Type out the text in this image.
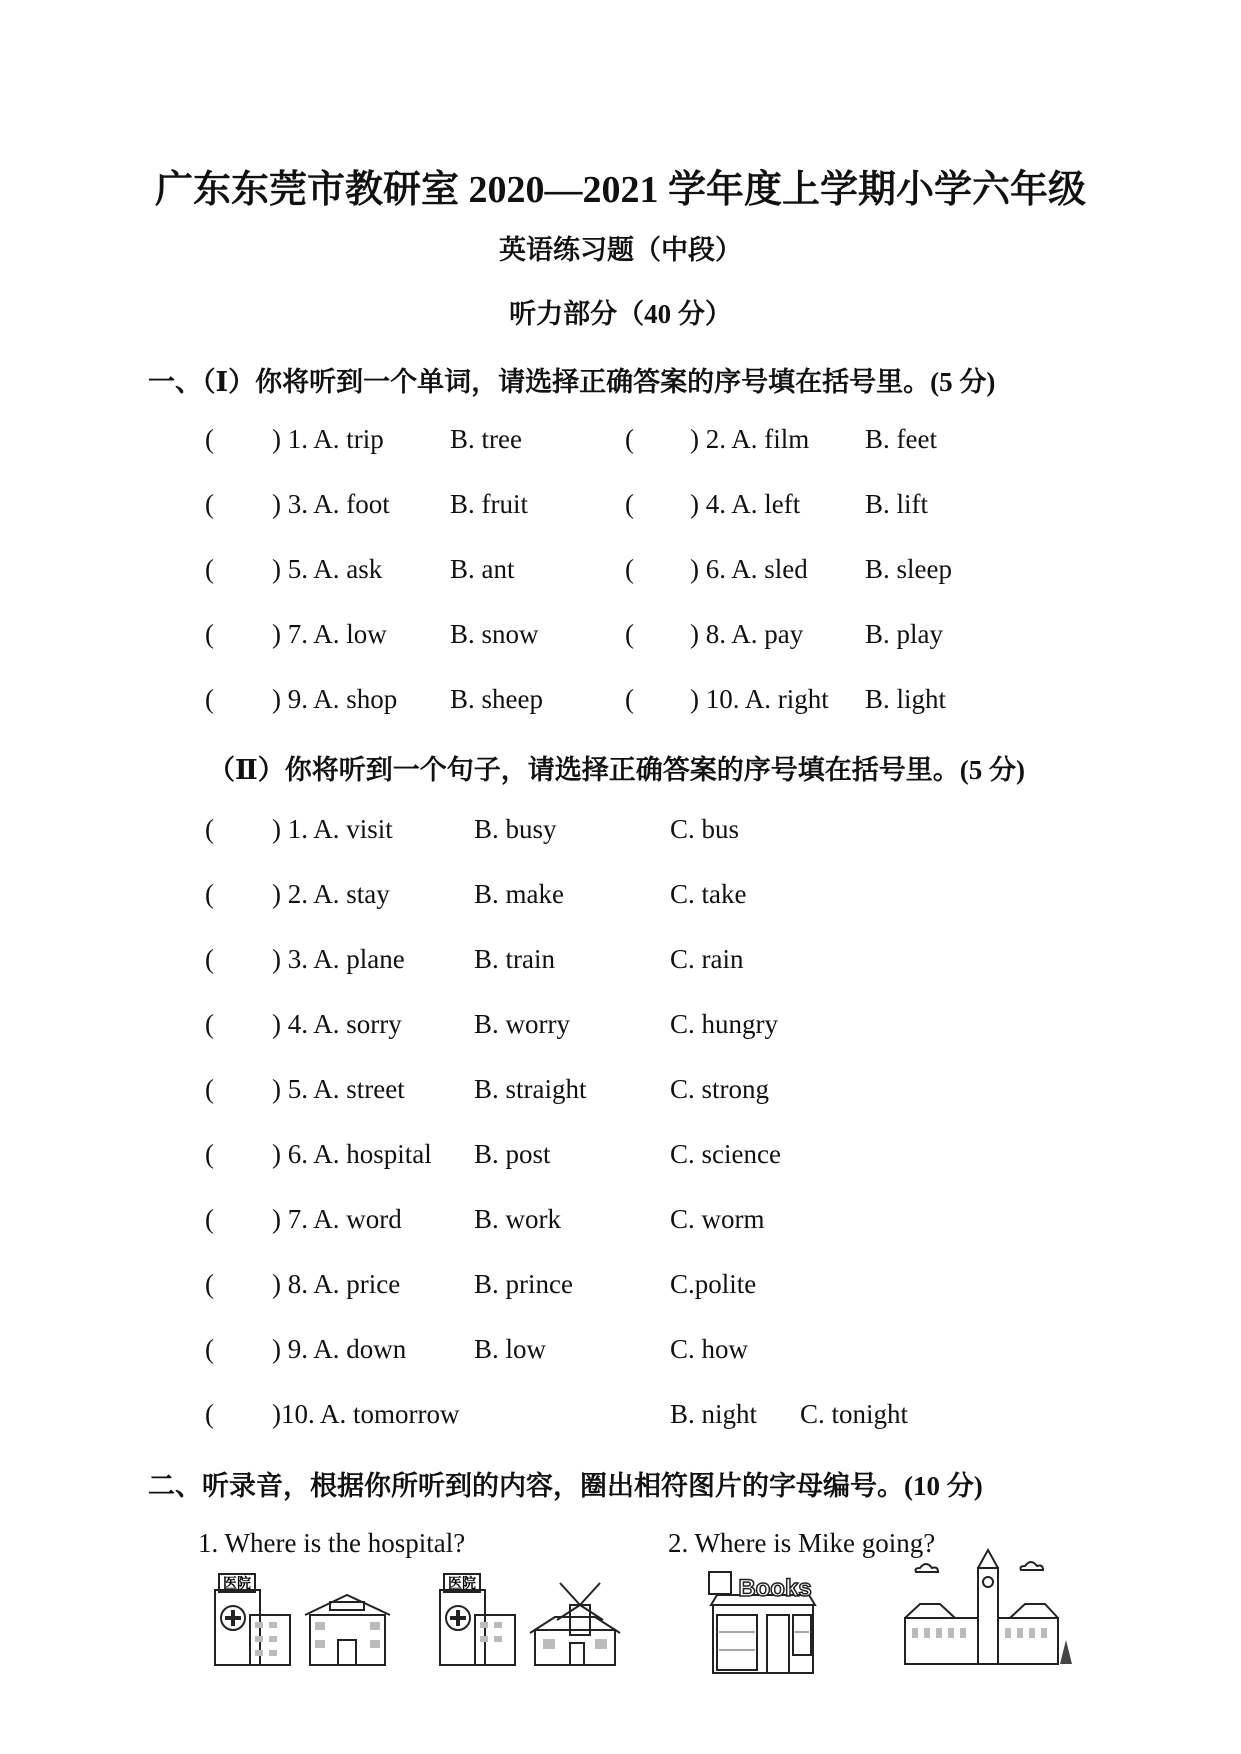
广东东莞市教研室 2020—2021 学年度上学期小学六年级
英语练习题（中段）
听力部分（40 分）
一、（Ⅰ）你将听到一个单词，请选择正确答案的序号填在括号里。(5 分)
( ) 1. A. trip B. tree	( ) 2. A. film B. feet
( ) 3. A. foot B. fruit	( ) 4. A. left B. lift
( ) 5. A. ask	B. ant	( ) 6. A. sled B. sleep
( ) 7. A. low B. snow	( ) 8. A. pay B. play
( ) 9. A. shop B. sheep	( ) 10. A. right B. light
（Ⅱ）你将听到一个句子，请选择正确答案的序号填在括号里。(5 分)
( ) 1. A. visit	B. busy	C. bus
( ) 2. A. stay	B. make	C. take
( ) 3. A. plane	B. train	C. rain
( ) 4. A. sorry	B. worry	C. hungry
( ) 5. A. street	B. straight	C. strong
( ) 6. A. hospital B. post	C. science
( ) 7. A. word	B. work	C. worm
( ) 8. A. price	B. prince	C.polite
( ) 9. A. down	B. low	C. how
( )10. A. tomorrow	B. night C. tonight
二、听录音，根据你所听到的内容，圈出相符图片的字母编号。(10 分)
1. Where is the hospital?	2. Where is Mike going?
医院	医院	Books
